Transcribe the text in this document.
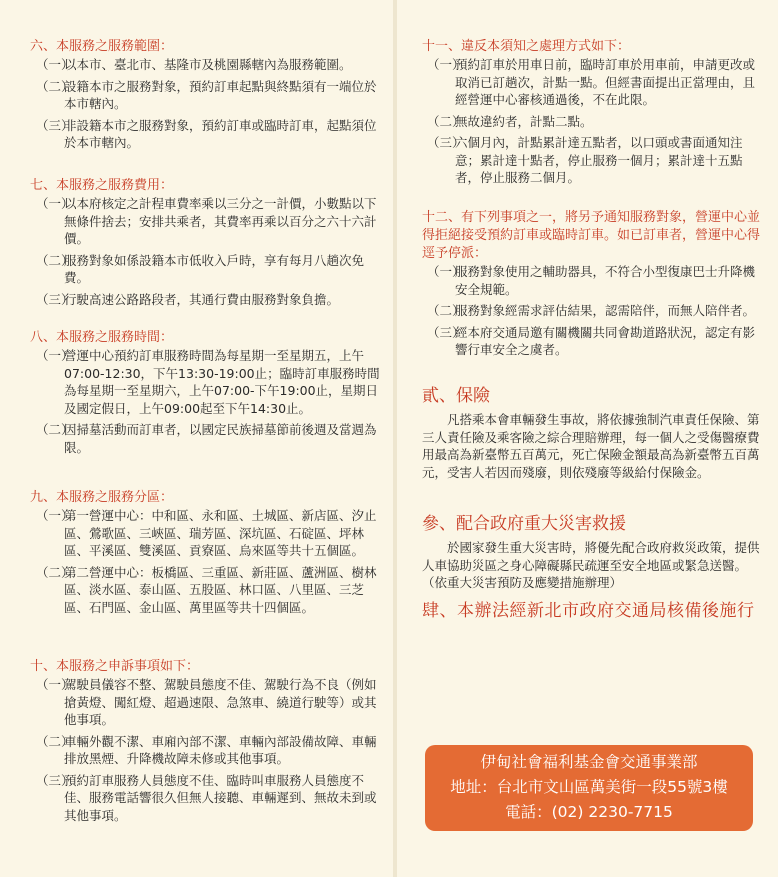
六、本服務之服務範圍：

（一）
以本市、臺北市、基隆市及桃園縣轄內為服務範圍。
（二）
設籍本市之服務對象，預約訂車起點與終點須有一端位於本市轄內。
（三）
非設籍本市之服務對象，預約訂車或臨時訂車，起點須位於本市轄內。

七、本服務之服務費用：

（一）
以本府核定之計程車費率乘以三分之一計價，小數點以下無條件捨去；安排共乘者，其費率再乘以百分之六十六計價。
（二）
服務對象如係設籍本市低收入戶時，享有每月八趟次免費。
（三）
行駛高速公路路段者，其通行費由服務對象負擔。

八、本服務之服務時間：

（一）
營運中心預約訂車服務時間為每星期一至星期五，上午07:00-12:30，下午13:30-19:00止；臨時訂車服務時間為每星期一至星期六，上午07:00-下午19:00止，星期日及國定假日，上午09:00起至下午14:30止。
（二）
因掃墓活動而訂車者，以國定民族掃墓節前後週及當週為限。

九、本服務之服務分區：

（一）
第一營運中心：中和區、永和區、土城區、新店區、汐止區、鶯歌區、三峽區、瑞芳區、深坑區、石碇區、坪林區、平溪區、雙溪區、貢寮區、烏來區等共十五個區。
（二）
第二營運中心：板橋區、三重區、新莊區、蘆洲區、樹林區、淡水區、泰山區、五股區、林口區、八里區、三芝區、石門區、金山區、萬里區等共十四個區。

十、本服務之申訴事項如下：

（一）
駕駛員儀容不整、駕駛員態度不佳、駕駛行為不良（例如搶黃燈、闖紅燈、超過速限、急煞車、繞道行駛等）或其他事項。
（二）
車輛外觀不潔、車廂內部不潔、車輛內部設備故障、車輛排放黑煙、升降機故障未修或其他事項。
（三）
預約訂車服務人員態度不佳、臨時叫車服務人員態度不佳、服務電話響很久但無人接聽、車輛遲到、無故未到或其他事項。

十一、違反本須知之處理方式如下：

（一）
預約訂車於用車日前，臨時訂車於用車前，申請更改或取消已訂趟次，計點一點。但經書面提出正當理由，且經營運中心審核通過後，不在此限。
（二）
無故違約者，計點二點。
（三）
六個月內，計點累計達五點者，以口頭或書面通知注意；累計達十點者，停止服務一個月；累計達十五點者，停止服務二個月。

十二、有下列事項之一，將另予通知服務對象，營運中心並得拒絕接受預約訂車或臨時訂車。如已訂車者，營運中心得逕予停派：

（一）
服務對象使用之輔助器具，不符合小型復康巴士升降機安全規範。
（二）
服務對象經需求評估結果，認需陪伴，而無人陪伴者。
（三）
經本府交通局邀有關機關共同會勘道路狀況，認定有影響行車安全之虞者。

貳、保險

凡搭乘本會車輛發生事故，將依據強制汽車責任保險、第三人責任險及乘客險之綜合理賠辦理，每一個人之受傷醫療費用最高為新臺幣五百萬元，死亡保險金額最高為新臺幣五百萬元，受害人若因而殘廢，則依殘廢等級給付保險金。

參、配合政府重大災害救援

於國家發生重大災害時，將優先配合政府救災政策，提供人車協助災區之身心障礙縣民疏運至安全地區或緊急送醫。（依重大災害預防及應變措施辦理）

肆、本辦法經新北市政府交通局核備後施行

伊甸社會福利基金會交通事業部
地址：台北市文山區萬美街一段55號3樓
電話：(02) 2230-7715
